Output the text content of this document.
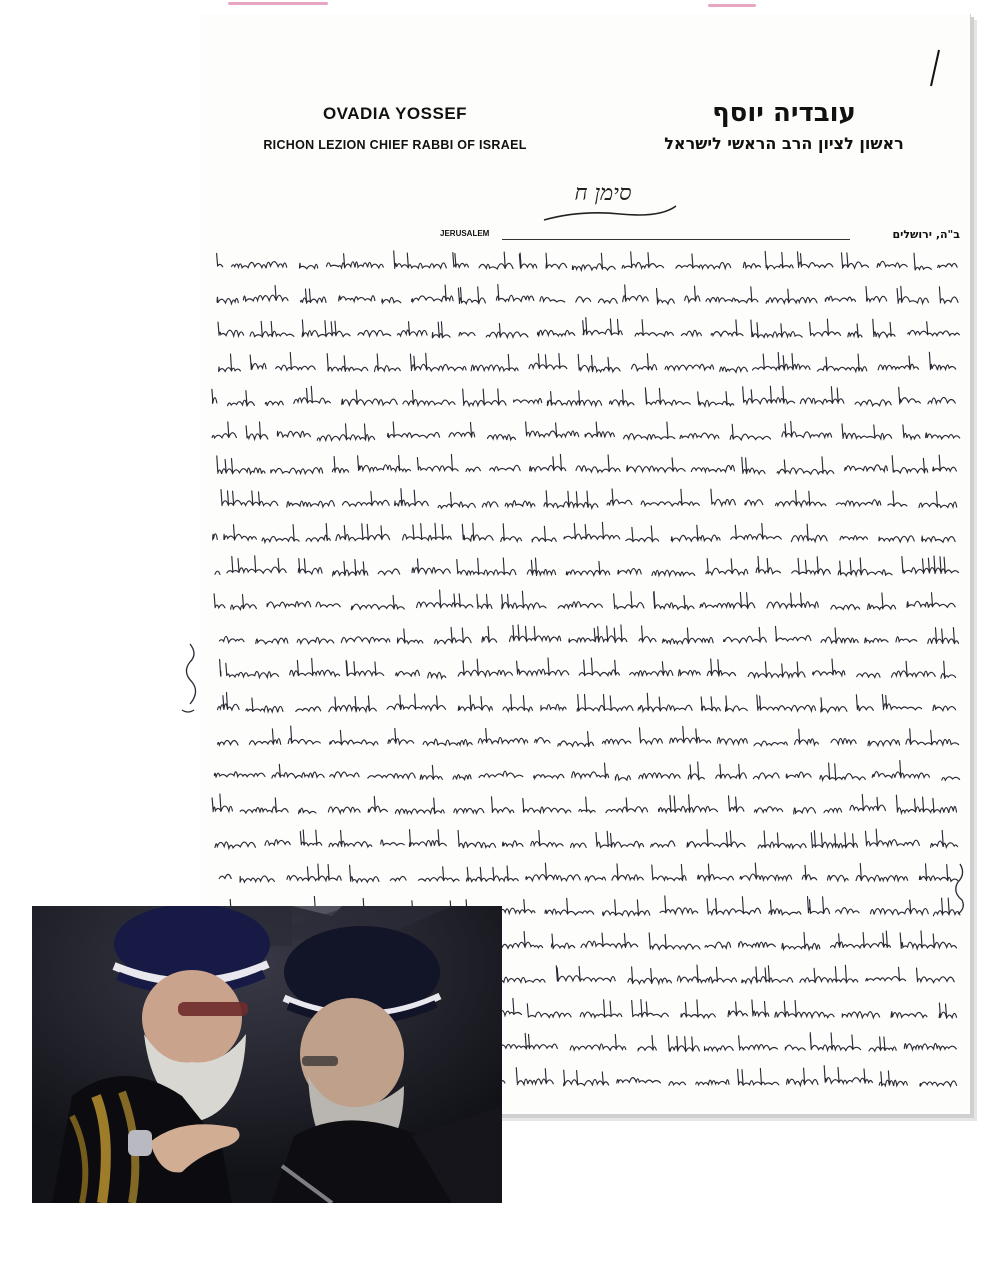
OVADIA YOSSEF
RICHON LEZION CHIEF RABBI OF ISRAEL
עובדיה יוסף
ראשון לציון הרב הראשי לישראל
סימן ח
JERUSALEM	ב"ה, ירושלים
